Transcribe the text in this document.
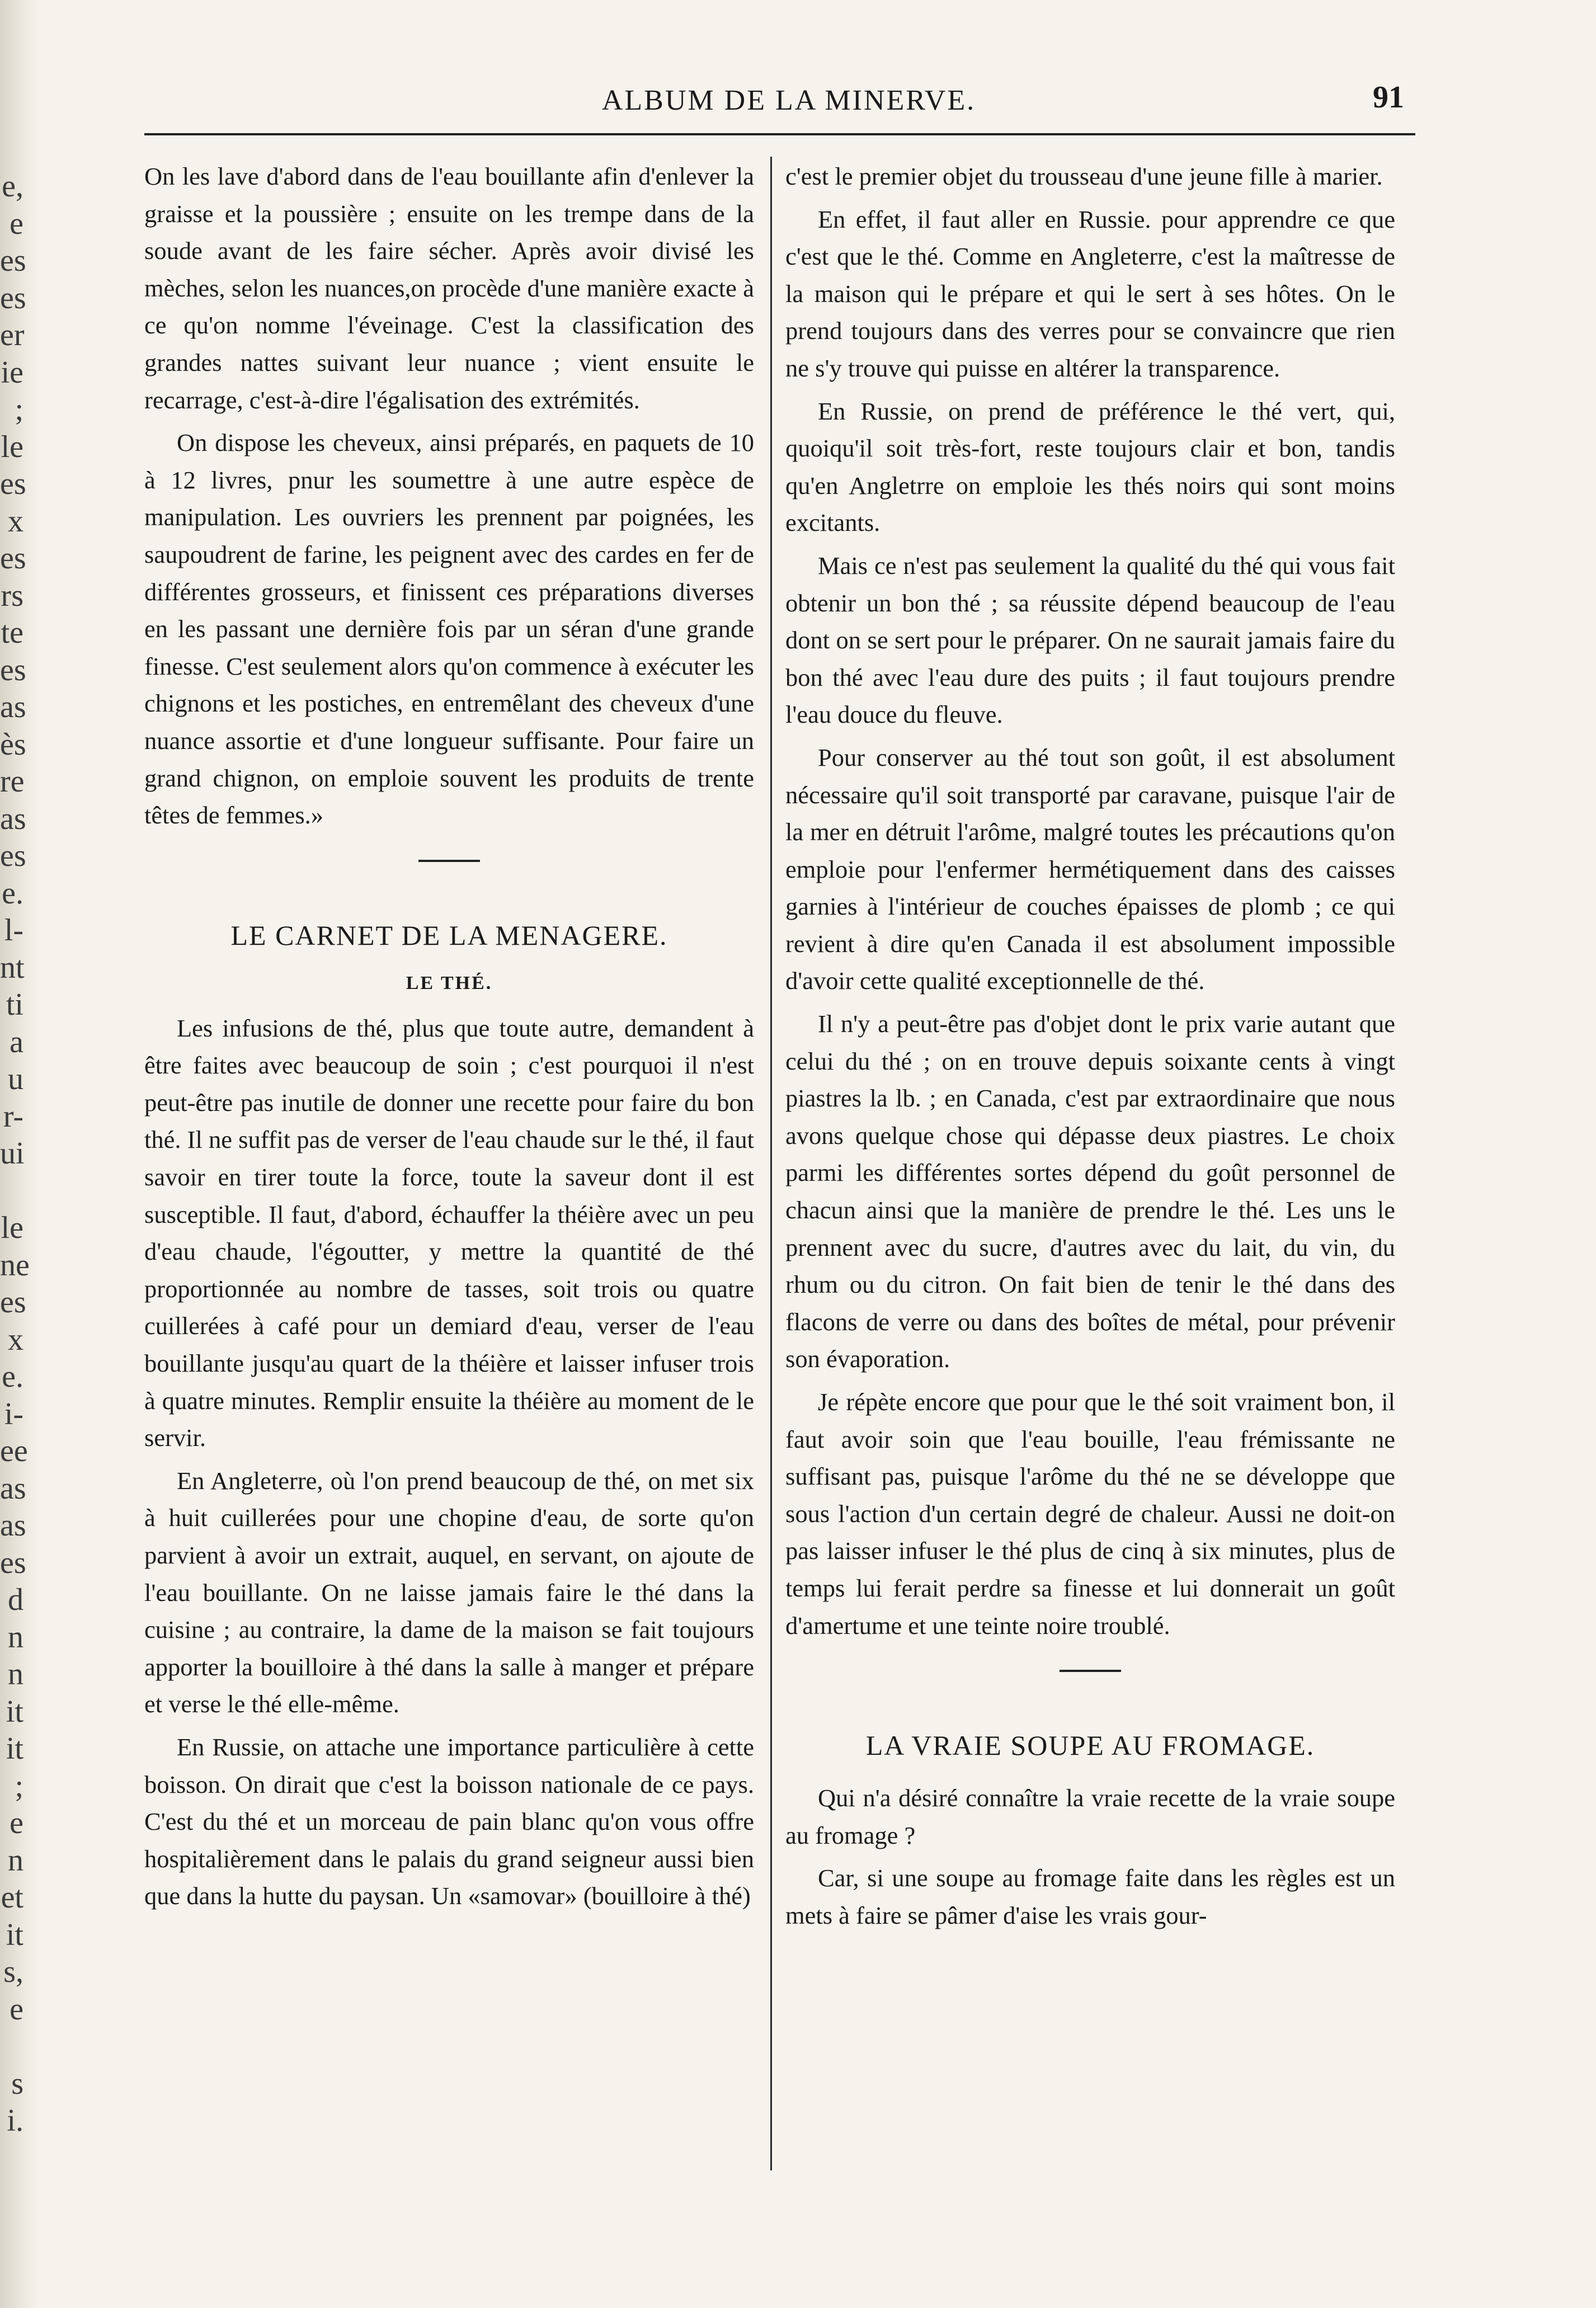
e,
e
es
es
er
ie
;
le
es
x
es
rs
te
es
as
ès
re
as
es
e.
l-
nt
ti
a
u
r-
ui
le
ne
es
x
e.
i-
ee
as
as
es
d
n
n
it
it
;
e
n
et
it
s,
e
s
i.
ALBUM DE LA MINERVE.	91

On les lave d'abord dans de l'eau bouillante afin d'enlever la graisse et la poussière ; ensuite on les trempe dans de la soude avant de les faire sécher. Après avoir divisé les mèches, selon les nuances,on procède d'une manière exacte à ce qu'on nomme l'éveinage. C'est la classification des grandes nattes suivant leur nuance ; vient ensuite le recarrage, c'est-à-dire l'égalisation des extrémités.

On dispose les cheveux, ainsi préparés, en paquets de 10 à 12 livres, pnur les soumettre à une autre espèce de manipulation. Les ouvriers les prennent par poignées, les saupoudrent de farine, les peignent avec des cardes en fer de différentes grosseurs, et finissent ces préparations diverses en les passant une dernière fois par un séran d'une grande finesse. C'est seulement alors qu'on commence à exécuter les chignons et les postiches, en entremêlant des cheveux d'une nuance assortie et d'une longueur suffisante. Pour faire un grand chignon, on emploie souvent les produits de trente têtes de femmes.»

LE CARNET DE LA MENAGERE.
LE THÉ.

Les infusions de thé, plus que toute autre, demandent à être faites avec beaucoup de soin ; c'est pourquoi il n'est peut-être pas inutile de donner une recette pour faire du bon thé. Il ne suffit pas de verser de l'eau chaude sur le thé, il faut savoir en tirer toute la force, toute la saveur dont il est susceptible. Il faut, d'abord, échauffer la théière avec un peu d'eau chaude, l'égoutter, y mettre la quantité de thé proportionnée au nombre de tasses, soit trois ou quatre cuillerées à café pour un demiard d'eau, verser de l'eau bouillante jusqu'au quart de la théière et laisser infuser trois à quatre minutes. Remplir ensuite la théière au moment de le servir.

En Angleterre, où l'on prend beaucoup de thé, on met six à huit cuillerées pour une chopine d'eau, de sorte qu'on parvient à avoir un extrait, auquel, en servant, on ajoute de l'eau bouillante. On ne laisse jamais faire le thé dans la cuisine ; au contraire, la dame de la maison se fait toujours apporter la bouilloire à thé dans la salle à manger et prépare et verse le thé elle-même.

En Russie, on attache une importance particulière à cette boisson. On dirait que c'est la boisson nationale de ce pays. C'est du thé et un morceau de pain blanc qu'on vous offre hospitalièrement dans le palais du grand seigneur aussi bien que dans la hutte du paysan. Un «samovar» (bouilloire à thé)

c'est le premier objet du trousseau d'une jeune fille à marier.

En effet, il faut aller en Russie. pour apprendre ce que c'est que le thé. Comme en Angleterre, c'est la maîtresse de la maison qui le prépare et qui le sert à ses hôtes. On le prend toujours dans des verres pour se convaincre que rien ne s'y trouve qui puisse en altérer la transparence.

En Russie, on prend de préférence le thé vert, qui, quoiqu'il soit très-fort, reste toujours clair et bon, tandis qu'en Angletrre on emploie les thés noirs qui sont moins excitants.

Mais ce n'est pas seulement la qualité du thé qui vous fait obtenir un bon thé ; sa réussite dépend beaucoup de l'eau dont on se sert pour le préparer. On ne saurait jamais faire du bon thé avec l'eau dure des puits ; il faut toujours prendre l'eau douce du fleuve.

Pour conserver au thé tout son goût, il est absolument nécessaire qu'il soit transporté par caravane, puisque l'air de la mer en détruit l'arôme, malgré toutes les précautions qu'on emploie pour l'enfermer hermétiquement dans des caisses garnies à l'intérieur de couches épaisses de plomb ; ce qui revient à dire qu'en Canada il est absolument impossible d'avoir cette qualité exceptionnelle de thé.

Il n'y a peut-être pas d'objet dont le prix varie autant que celui du thé ; on en trouve depuis soixante cents à vingt piastres la lb. ; en Canada, c'est par extraordinaire que nous avons quelque chose qui dépasse deux piastres. Le choix parmi les différentes sortes dépend du goût personnel de chacun ainsi que la manière de prendre le thé. Les uns le prennent avec du sucre, d'autres avec du lait, du vin, du rhum ou du citron. On fait bien de tenir le thé dans des flacons de verre ou dans des boîtes de métal, pour prévenir son évaporation.

Je répète encore que pour que le thé soit vraiment bon, il faut avoir soin que l'eau bouille, l'eau frémissante ne suffisant pas, puisque l'arôme du thé ne se développe que sous l'action d'un certain degré de chaleur. Aussi ne doit-on pas laisser infuser le thé plus de cinq à six minutes, plus de temps lui ferait perdre sa finesse et lui donnerait un goût d'amertume et une teinte noire troublé.

LA VRAIE SOUPE AU FROMAGE.

Qui n'a désiré connaître la vraie recette de la vraie soupe au fromage ?

Car, si une soupe au fromage faite dans les règles est un mets à faire se pâmer d'aise les vrais gour-
